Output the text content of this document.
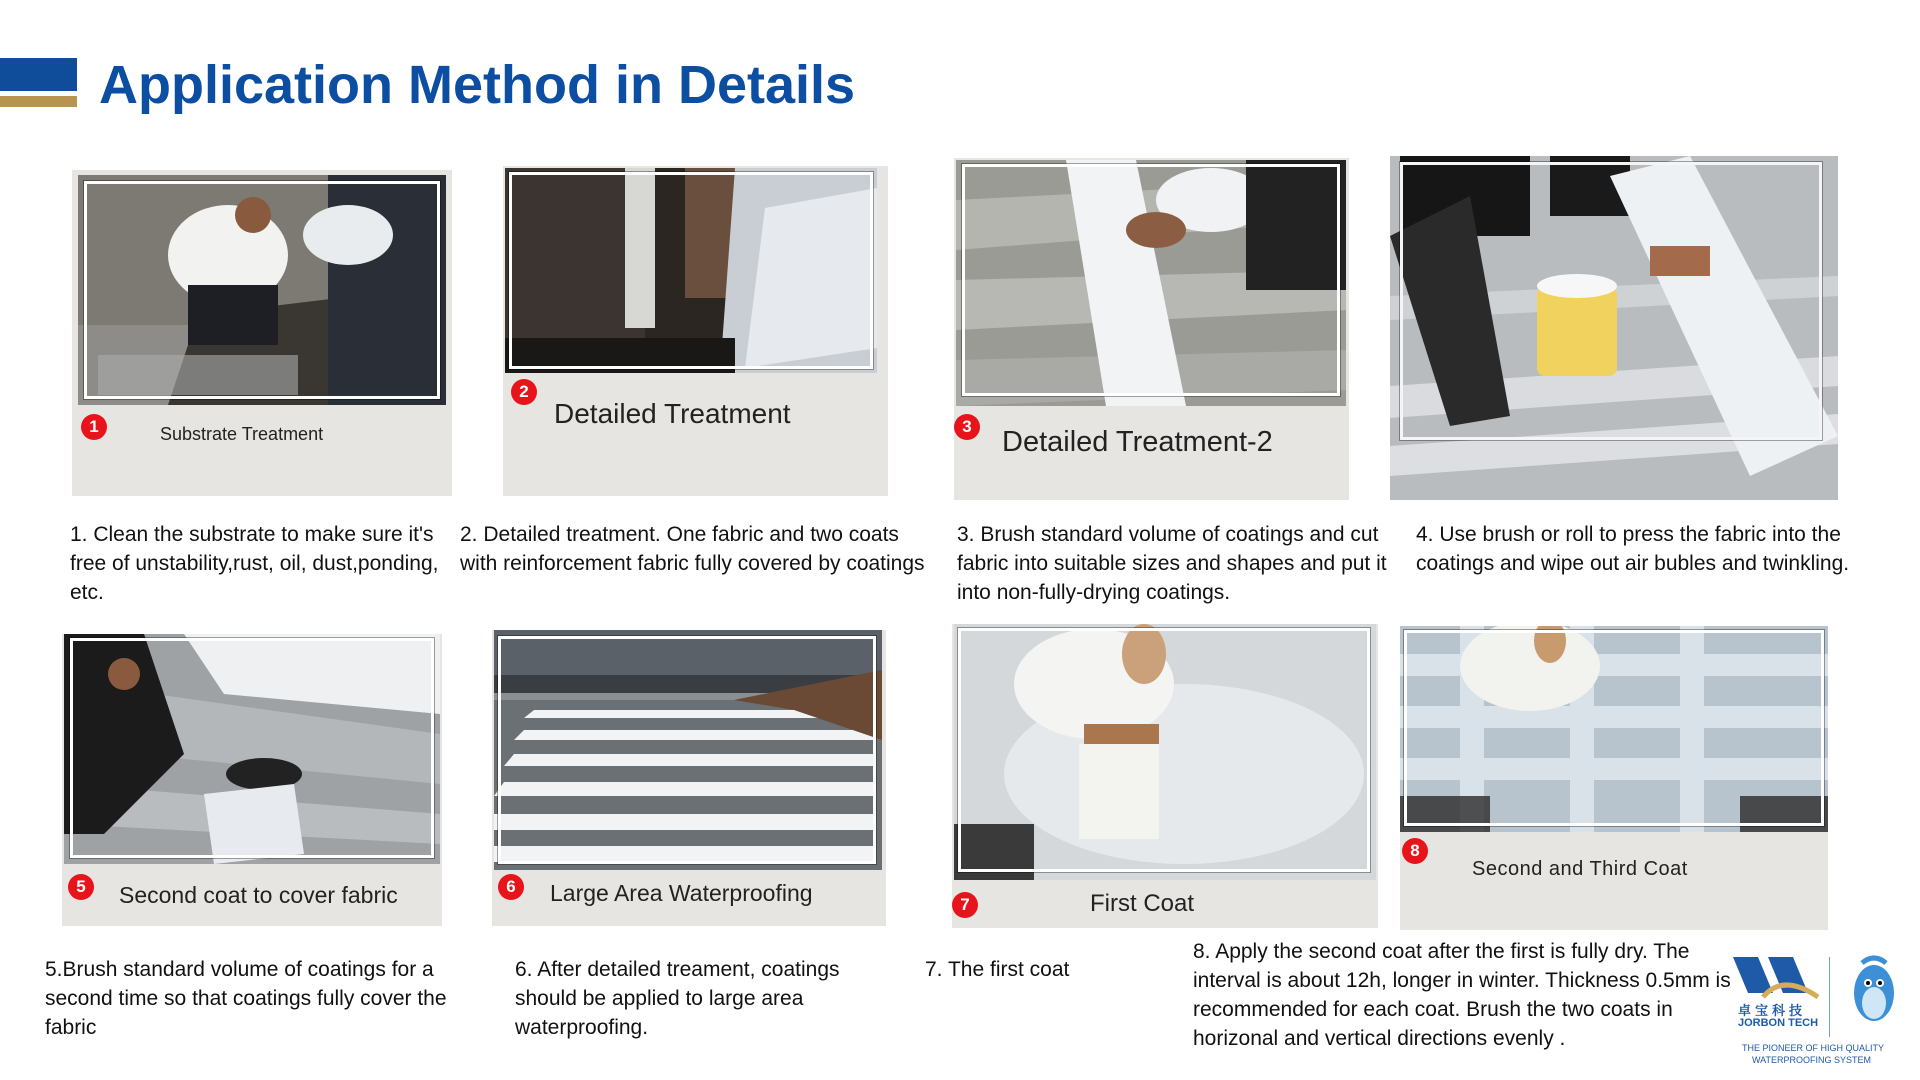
Application Method in Details
1	Substrate Treatment
1. Clean the substrate to make sure it's free of unstability,rust, oil, dust,ponding, etc.
2
Detailed Treatment
2. Detailed treatment. One fabric and two coats with reinforcement fabric fully covered by coatings
3 Detailed Treatment-2
3. Brush standard volume of coatings and cut fabric into suitable sizes and shapes and put it into non-fully-drying coatings.
4. Use brush or roll to press the fabric into the coatings and wipe out air bubles and twinkling.
5	Second coat to cover fabric
5.Brush standard volume of coatings for a second time so that coatings fully cover the fabric
6	Large Area Waterproofing
6. After detailed treament, coatings should be applied to large area waterproofing.
7	First Coat
7. The first coat
8
Second and Third Coat
8. Apply the second coat after the first is fully dry. The interval is about 12h, longer in winter. Thickness 0.5mm is recommended for each coat. Brush the two coats in horizonal and vertical directions evenly .
卓宝科技
JORBON TECH
THE PIONEER OF HIGH QUALITY
WATERPROOFING SYSTEM
